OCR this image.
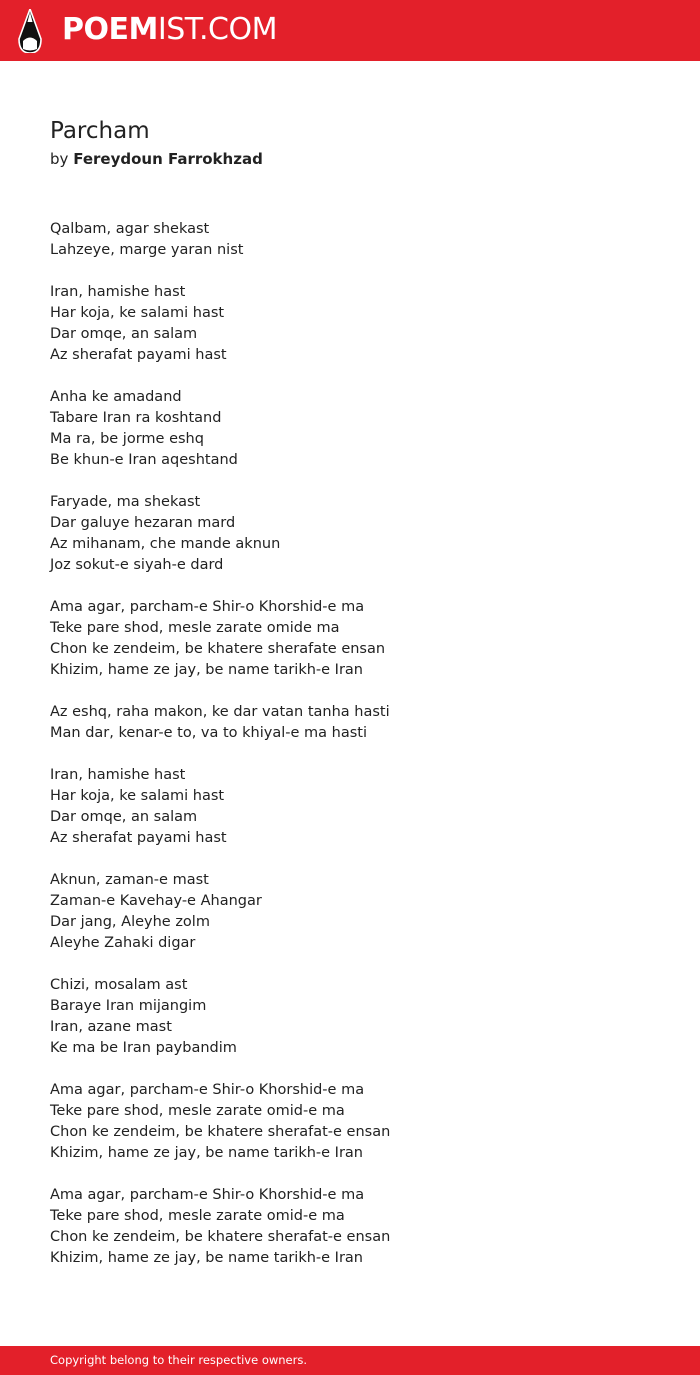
POEMIST.COM
Parcham
by Fereydoun Farrokhzad
Qalbam, agar shekast
Lahzeye, marge yaran nist
Iran, hamishe hast
Har koja, ke salami hast
Dar omqe, an salam
Az sherafat payami hast
Anha ke amadand
Tabare Iran ra koshtand
Ma ra, be jorme eshq
Be khun-e Iran aqeshtand
Faryade, ma shekast
Dar galuye hezaran mard
Az mihanam, che mande aknun
Joz sokut-e siyah-e dard
Ama agar, parcham-e Shir-o Khorshid-e ma
Teke pare shod, mesle zarate omide ma
Chon ke zendeim, be khatere sherafate ensan
Khizim, hame ze jay, be name tarikh-e Iran
Az eshq, raha makon, ke dar vatan tanha hasti
Man dar, kenar-e to, va to khiyal-e ma hasti
Iran, hamishe hast
Har koja, ke salami hast
Dar omqe, an salam
Az sherafat payami hast
Aknun, zaman-e mast
Zaman-e Kavehay-e Ahangar
Dar jang, Aleyhe zolm
Aleyhe Zahaki digar
Chizi, mosalam ast
Baraye Iran mijangim
Iran, azane mast
Ke ma be Iran paybandim
Ama agar, parcham-e Shir-o Khorshid-e ma
Teke pare shod, mesle zarate omid-e ma
Chon ke zendeim, be khatere sherafat-e ensan
Khizim, hame ze jay, be name tarikh-e Iran
Ama agar, parcham-e Shir-o Khorshid-e ma
Teke pare shod, mesle zarate omid-e ma
Chon ke zendeim, be khatere sherafat-e ensan
Khizim, hame ze jay, be name tarikh-e Iran
Copyright belong to their respective owners.
